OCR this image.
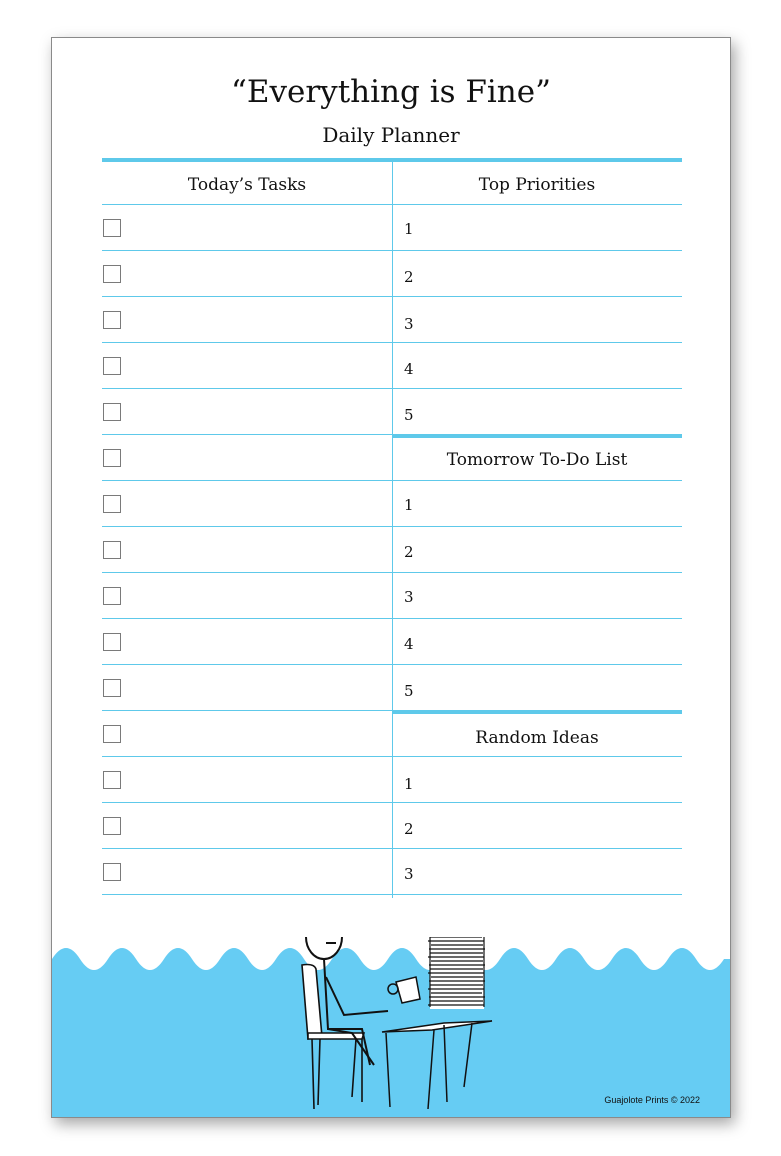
“Everything is Fine”
Daily Planner
Today’s Tasks	Top Priorities
1
2
3
4
5
Tomorrow To-Do List
1
2
3
4
5
Random Ideas
1
2
3
Guajolote Prints © 2022
